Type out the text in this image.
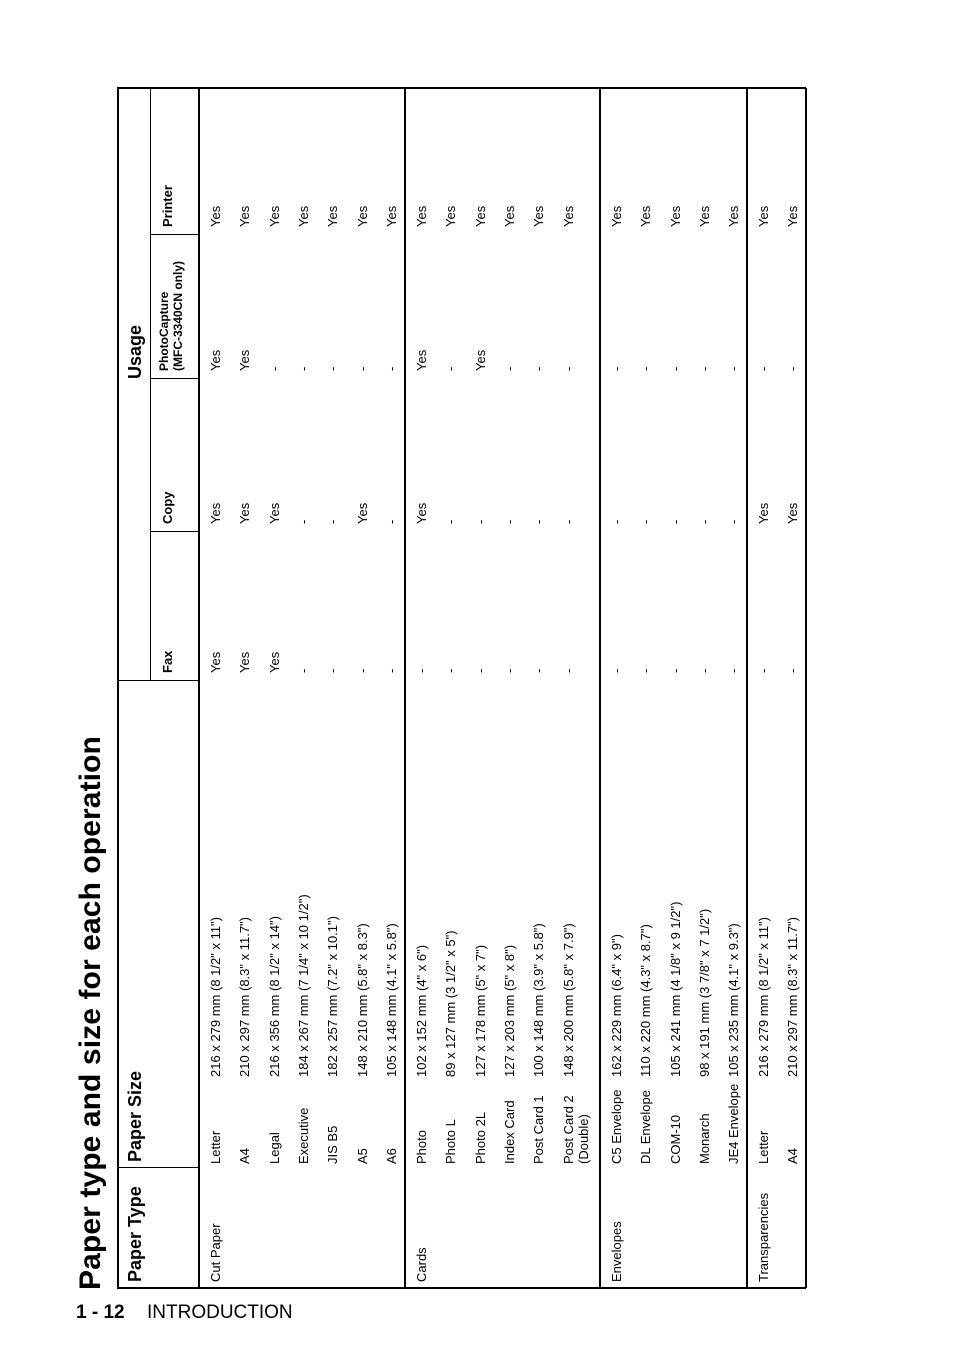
Paper type and size for each operation Paper Type
Paper Size
Usage
Fax
Copy
PhotoCapture (MFC-3340CN only)
Printer
Cut Paper
Letter
216 x 279 mm (8 1/2" x 11")
Yes
Yes
Yes
Yes
A4
210 x 297 mm (8.3" x 11.7")
Yes
Yes
Yes
Yes
Legal
216 x 356 mm (8 1/2" x 14")
Yes
Yes
-
Yes
Executive
184 x 267 mm (7 1/4" x 10 1/2")
-
-
-
Yes
JIS B5
182 x 257 mm (7.2" x 10.1")
-
-
-
Yes
A5
148 x 210 mm (5.8" x 8.3")
-
Yes
-
Yes
A6
105 x 148 mm (4.1" x 5.8")
-
-
-
Yes
Cards
Photo
102 x 152 mm (4" x 6")
-
Yes
Yes
Yes
Photo L
89 x 127 mm (3 1/2" x 5")
-
-
-
Yes
Photo 2L
127 x 178 mm (5" x 7")
-
-
Yes
Yes
Index Card
127 x 203 mm (5" x 8")
-
-
-
Yes
Post Card 1
100 x 148 mm (3.9" x 5.8")
-
-
-
Yes
Post Card 2 (Double)
148 x 200 mm (5.8" x 7.9")
-
-
-
Yes
Envelopes
C5 Envelope
162 x 229 mm (6.4" x 9")
-
-
-
Yes
DL Envelope
110 x 220 mm (4.3" x 8.7")
-
-
-
Yes
COM-10
105 x 241 mm (4 1/8" x 9 1/2")
-
-
-
Yes
Monarch
98 x 191 mm (3 7/8" x 7 1/2")
-
-
-
Yes
JE4 Envelope
105 x 235 mm (4.1" x 9.3")
-
-
-
Yes
Transparencies
Letter
216 x 279 mm (8 1/2" x 11")
-
Yes
-
Yes
A4
210 x 297 mm (8.3" x 11.7")
-
Yes
-
Yes
1 - 12 INTRODUCTION
